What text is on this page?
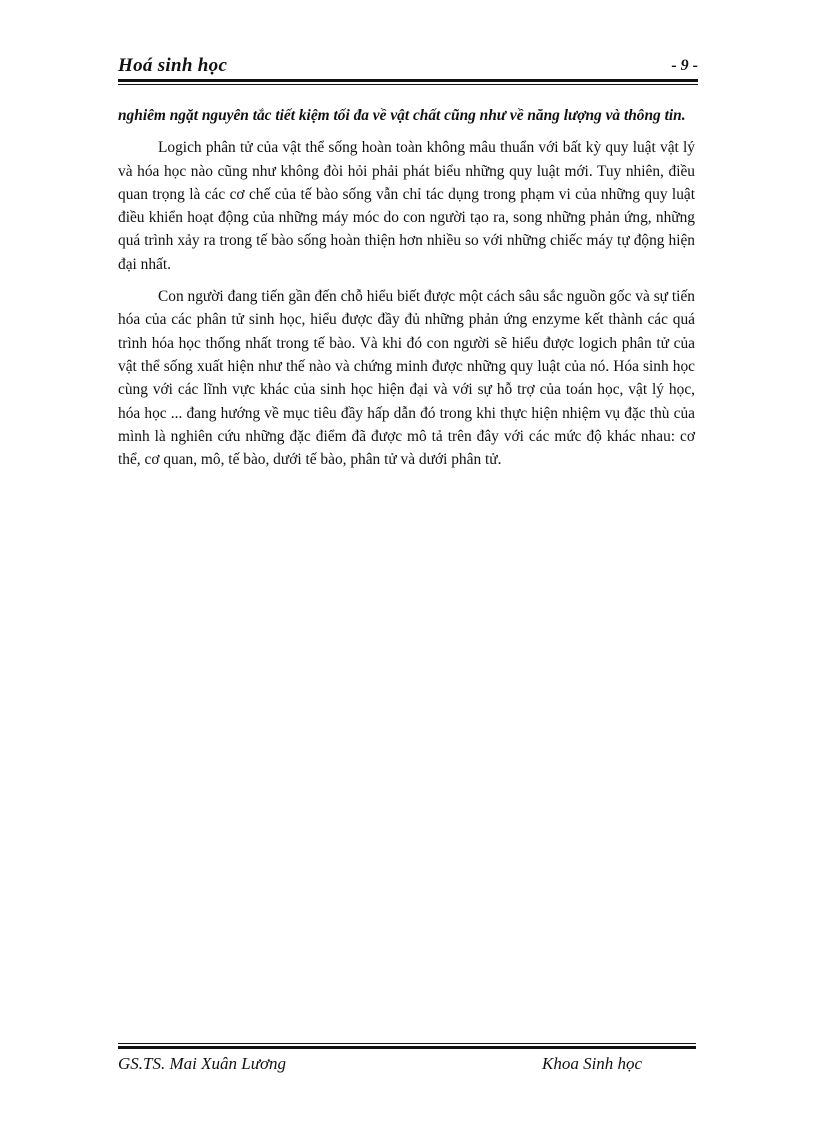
Hoá sinh học	- 9 -

nghiêm ngặt nguyên tắc tiết kiệm tối đa về vật chất cũng như về năng lượng và thông tin.

Logich phân tử của vật thể sống hoàn toàn không mâu thuẩn với bất kỳ quy luật vật lý và hóa học nào cũng như không đòi hỏi phải phát biểu những quy luật mới. Tuy nhiên, điều quan trọng là các cơ chế của tế bào sống vẫn chỉ tác dụng trong phạm vi của những quy luật điều khiển hoạt động của những máy móc do con người tạo ra, song những phản ứng, những quá trình xảy ra trong tế bào sống hoàn thiện hơn nhiều so với những chiếc máy tự động hiện đại nhất.

Con người đang tiến gần đến chỗ hiểu biết được một cách sâu sắc nguồn gốc và sự tiến hóa của các phân tử sinh học, hiểu được đầy đủ những phản ứng enzyme kết thành các quá trình hóa học thống nhất trong tế bào. Và khi đó con người sẽ hiểu được logich phân tử của vật thể sống xuất hiện như thế nào và chứng minh được những quy luật của nó. Hóa sinh học cùng với các lĩnh vực khác của sinh học hiện đại và với sự hỗ trợ của toán học, vật lý học, hóa học ... đang hướng về mục tiêu đầy hấp dẫn đó trong khi thực hiện nhiệm vụ đặc thù của mình là nghiên cứu những đặc điểm đã được mô tả trên đây với các mức độ khác nhau: cơ thể, cơ quan, mô, tế bào, dưới tế bào, phân tử và dưới phân tử.

GS.TS. Mai Xuân Lương	Khoa Sinh học
